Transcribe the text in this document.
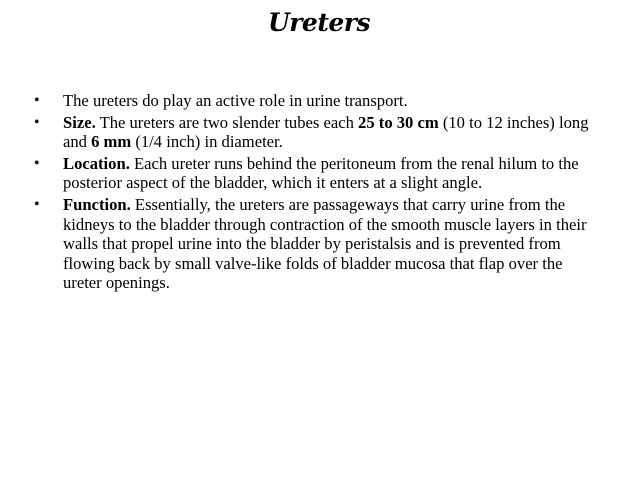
Ureters
• The ureters do play an active role in urine transport.
• Size. The ureters are two slender tubes each 25 to 30 cm (10 to 12 inches) long and 6 mm (1/4 inch) in diameter.
• Location. Each ureter runs behind the peritoneum from the renal hilum to the posterior aspect of the bladder, which it enters at a slight angle.
• Function. Essentially, the ureters are passageways that carry urine from the kidneys to the bladder through contraction of the smooth muscle layers in their walls that propel urine into the bladder by peristalsis and is prevented from flowing back by small valve-like folds of bladder mucosa that flap over the ureter openings.
